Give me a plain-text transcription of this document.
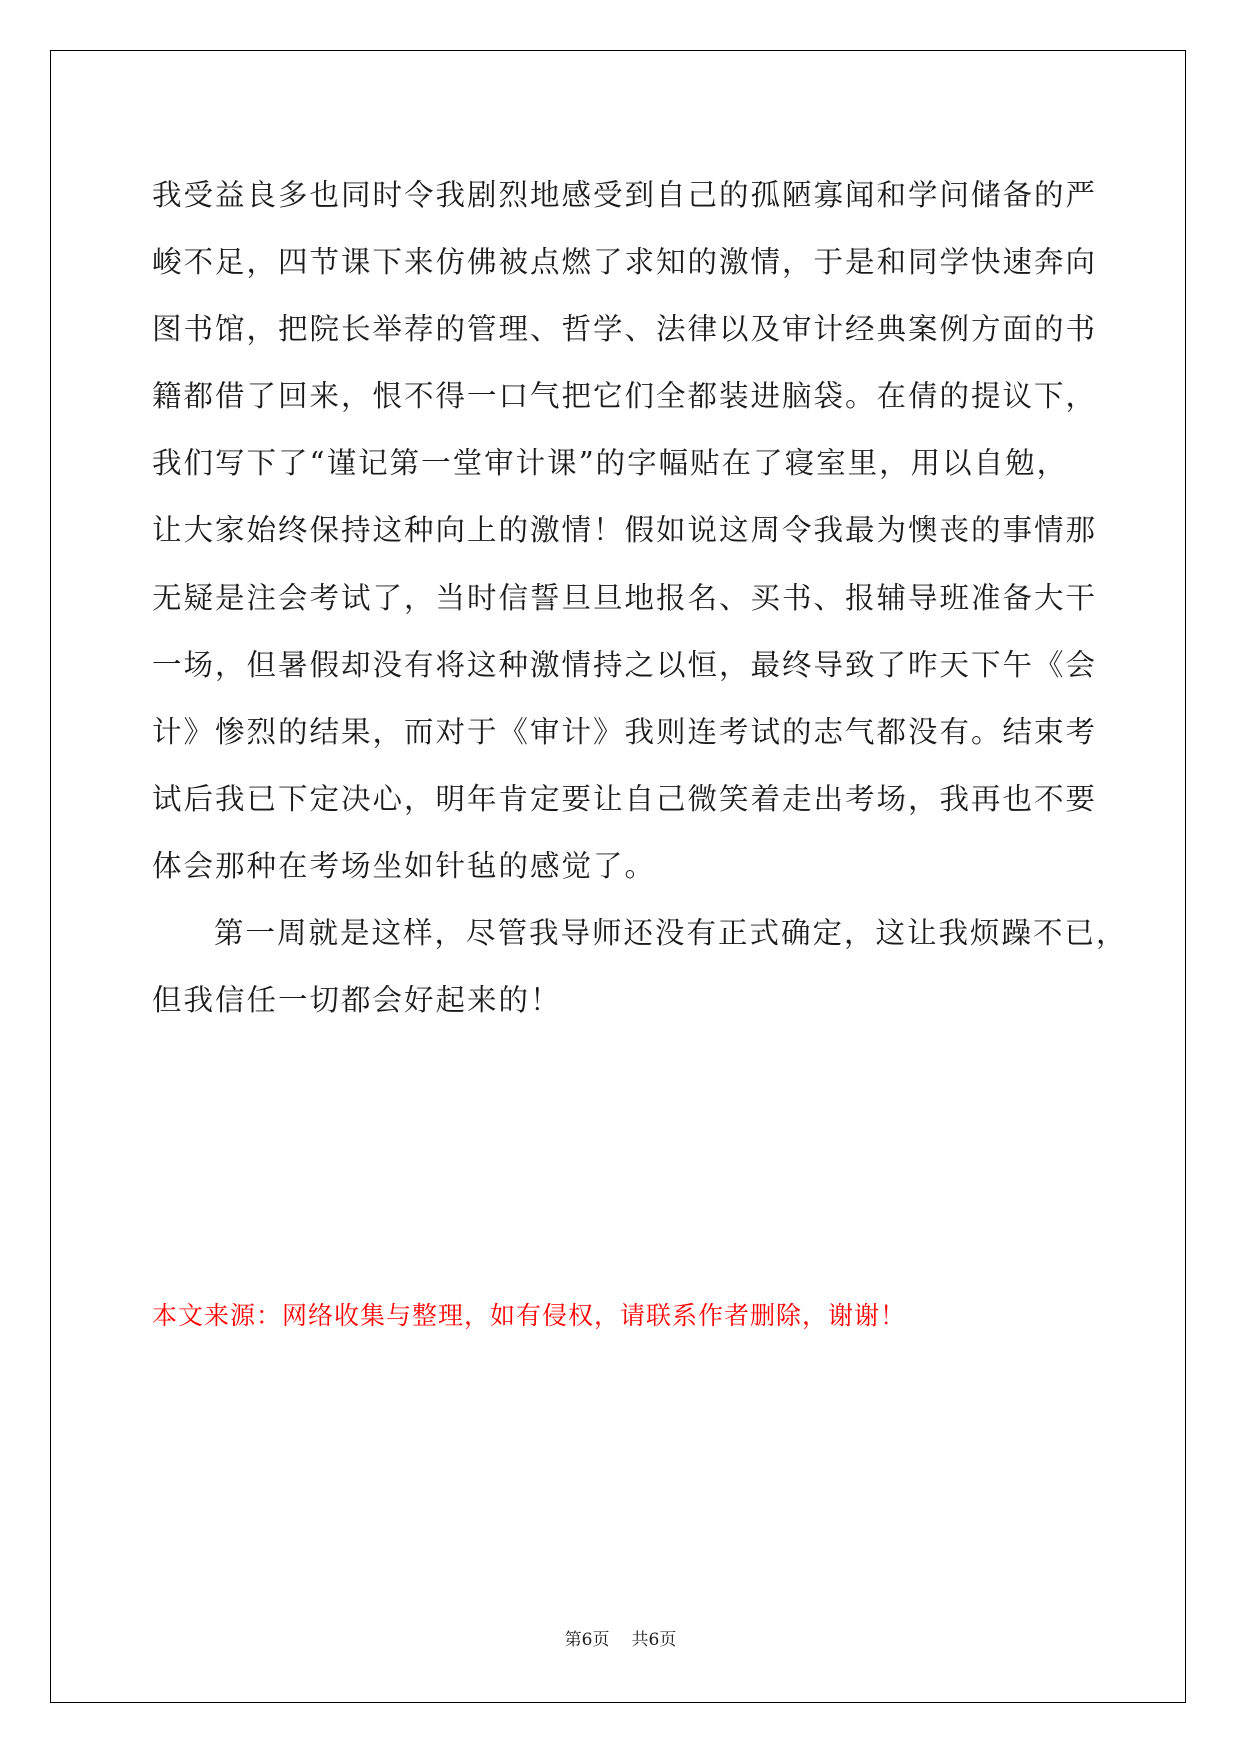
我受益良多也同时令我剧烈地感受到自己的孤陋寡闻和学问储备的严
峻不足，四节课下来仿佛被点燃了求知的激情，于是和同学快速奔向
图书馆，把院长举荐的管理、哲学、法律以及审计经典案例方面的书
籍都借了回来，恨不得一口气把它们全都装进脑袋。在倩的提议下，
我们写下了“谨记第一堂审计课”的字幅贴在了寝室里，用以自勉，
让大家始终保持这种向上的激情！假如说这周令我最为懊丧的事情那
无疑是注会考试了，当时信誓旦旦地报名、买书、报辅导班准备大干
一场，但暑假却没有将这种激情持之以恒，最终导致了昨天下午《会
计》惨烈的结果，而对于《审计》我则连考试的志气都没有。结束考
试后我已下定决心，明年肯定要让自己微笑着走出考场，我再也不要
体会那种在考场坐如针毡的感觉了。
第一周就是这样，尽管我导师还没有正式确定，这让我烦躁不已，
但我信任一切都会好起来的！
本文来源：网络收集与整理，如有侵权，请联系作者删除，谢谢！
第6页 共6页
